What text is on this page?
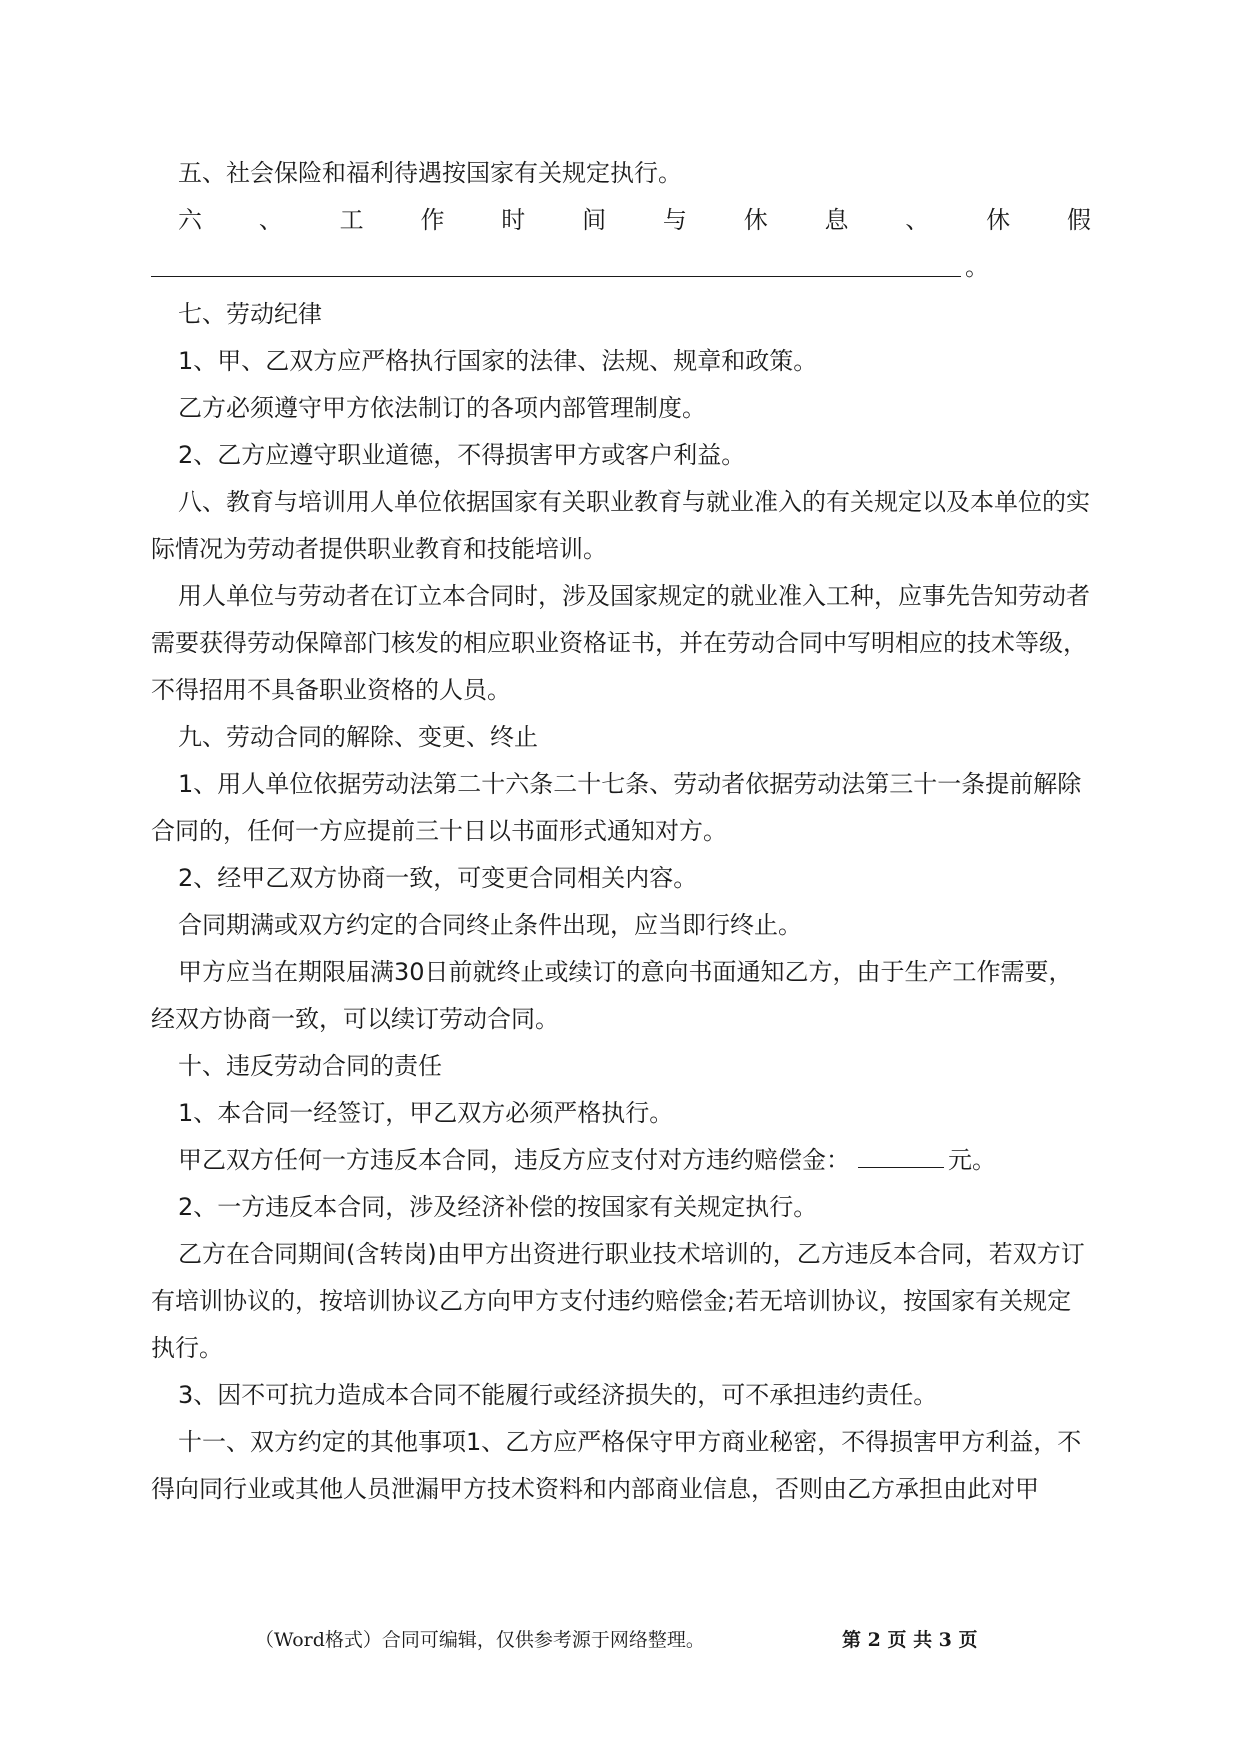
五、社会保险和福利待遇按国家有关规定执行。

六 、 工 作 时 间 与 休 息 、 休 假
。

七、劳动纪律

1、甲、乙双方应严格执行国家的法律、法规、规章和政策。

乙方必须遵守甲方依法制订的各项内部管理制度。

2、乙方应遵守职业道德，不得损害甲方或客户利益。

八、教育与培训用人单位依据国家有关职业教育与就业准入的有关规定以及本单位的实际情况为劳动者提供职业教育和技能培训。

用人单位与劳动者在订立本合同时，涉及国家规定的就业准入工种，应事先告知劳动者需要获得劳动保障部门核发的相应职业资格证书，并在劳动合同中写明相应的技术等级，不得招用不具备职业资格的人员。

九、劳动合同的解除、变更、终止

1、用人单位依据劳动法第二十六条二十七条、劳动者依据劳动法第三十一条提前解除合同的，任何一方应提前三十日以书面形式通知对方。

2、经甲乙双方协商一致，可变更合同相关内容。

合同期满或双方约定的合同终止条件出现，应当即行终止。

甲方应当在期限届满30日前就终止或续订的意向书面通知乙方，由于生产工作需要，经双方协商一致，可以续订劳动合同。

十、违反劳动合同的责任

1、本合同一经签订，甲乙双方必须严格执行。

甲乙双方任何一方违反本合同，违反方应支付对方违约赔偿金：	元。

2、一方违反本合同，涉及经济补偿的按国家有关规定执行。

乙方在合同期间(含转岗)由甲方出资进行职业技术培训的，乙方违反本合同，若双方订有培训协议的，按培训协议乙方向甲方支付违约赔偿金;若无培训协议，按国家有关规定执行。

3、因不可抗力造成本合同不能履行或经济损失的，可不承担违约责任。

十一、双方约定的其他事项1、乙方应严格保守甲方商业秘密，不得损害甲方利益，不得向同行业或其他人员泄漏甲方技术资料和内部商业信息，否则由乙方承担由此对甲

（Word格式）合同可编辑，仅供参考源于网络整理。	第 2 页 共 3 页
